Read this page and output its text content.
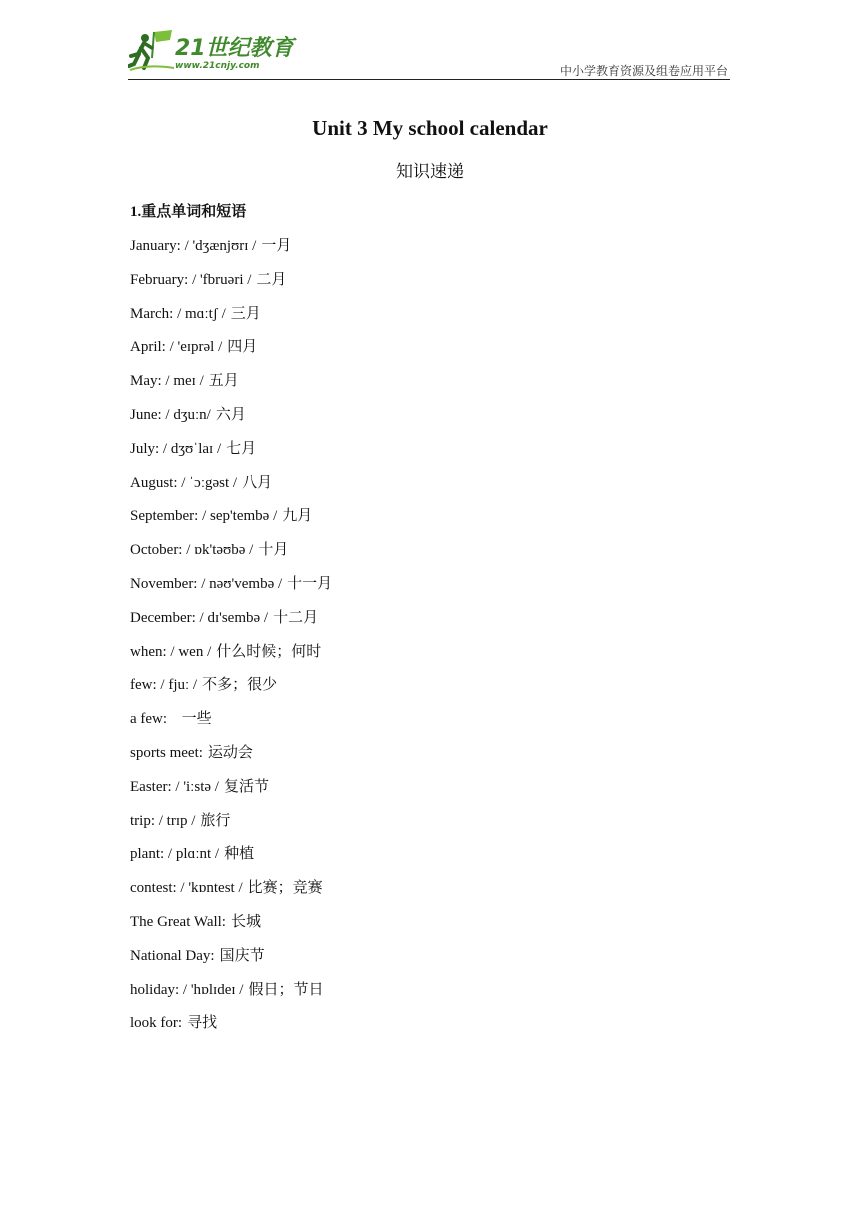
21世纪教育
www.21cnjy.com	中小学教育资源及组卷应用平台
Unit 3 My school calendar
知识速递
1.重点单词和短语
January: / 'dʒænjʊrɪ / 一月
February: / 'fbruəri / 二月
March: / mɑːtʃ / 三月
April: / 'eɪprəl / 四月
May: / meɪ / 五月
June: / dʒuːn/ 六月
July: / dʒʊˈlaɪ / 七月
August: / ˈɔːgəst / 八月
September: / sep'tembə / 九月
October: / ɒk'təʊbə / 十月
November: / nəʊ'vembə / 十一月
December: / dɪ'sembə / 十二月
when: / wen / 什么时候；何时
few: / fjuː / 不多；很少
a few:  一些
sports meet: 运动会
Easter: / 'iːstə / 复活节
trip: / trɪp / 旅行
plant: / plɑːnt / 种植
contest: / 'kɒntest / 比赛；竞赛
The Great Wall: 长城
National Day: 国庆节
holiday: / 'hɒlɪdeɪ / 假日；节日
look for: 寻找
